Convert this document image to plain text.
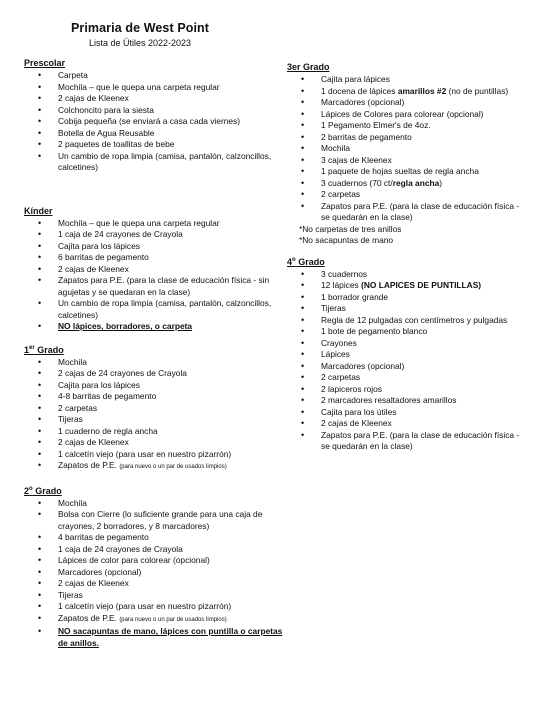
Primaria de West Point
Lista de Útiles 2022-2023
Prescolar
• Carpeta
• Mochila – que le quepa una carpeta regular
• 2 cajas de Kleenex
• Colchoncito para la siesta
• Cobija pequeña (se enviará a casa cada viernes)
• Botella de Agua Reusable
• 2 paquetes de toallitas de bebe
• Un cambio de ropa limpia (camisa, pantalón, calzoncillos, calcetines)
Kínder
• Mochila – que le quepa una carpeta regular
• 1 caja de 24 crayones de Crayola
• Cajita para los lápices
• 6 barritas de pegamento
• 2 cajas de Kleenex
• Zapatos para P.E. (para la clase de educación física - sin agujetas y se quedaran en la clase)
• Un cambio de ropa limpia (camisa, pantalón, calzoncillos, calcetines)
• NO lápices, borradores, o carpeta
1er Grado
• Mochila
• 2 cajas de 24 crayones de Crayola
• Cajita para los lápices
• 4-8 barritas de pegamento
• 2 carpetas
• Tijeras
• 1 cuaderno de regla ancha
• 2 cajas de Kleenex
• 1 calcetín viejo (para usar en nuestro pizarrón)
• Zapatos de P.E. (para nuevo o un par de usados limpios)
2$^o$ Grado
• Mochila
• Bolsa con Cierre (lo suficiente grande para una caja de crayones, 2 borradores, y 8 marcadores)
• 4 barritas de pegamento
• 1 caja de 24 crayones de Crayola
• Lápices de color para colorear (opcional)
• Marcadores (opcional)
• 2 cajas de Kleenex
• Tijeras
• 1 calcetín viejo (para usar en nuestro pizarrón)
• Zapatos de P.E. (para nuevo o un par de usados limpios)
• NO sacapuntas de mano, lápices con puntilla o carpetas de anillos.
3er Grado
• Cajita para lápices
• 1 docena de lápices amarillos #2 (no de puntillas)
• Marcadores (opcional)
• Lápices de Colores para colorear (opcional)
• 1 Pegamento Elmer's de 4oz.
• 2 barritas de pegamento
• Mochila
• 3 cajas de Kleenex
• 1 paquete de hojas sueltas de regla ancha
• 3 cuadernos (70 ct/regla ancha)
• 2 carpetas
• Zapatos para P.E. (para la clase de educación física - se quedarán en la clase)
*No carpetas de tres anillos
*No sacapuntas de mano
4$^o$ Grado
• 3 cuadernos
• 12 lápices (NO LAPICES DE PUNTILLAS)
• 1 borrador grande
• Tijeras
• Regla de 12 pulgadas con centímetros y pulgadas
• 1 bote de pegamento blanco
• Crayones
• Lápices
• Marcadores (opcional)
• 2 carpetas
• 2 lapiceros rojos
• 2 marcadores resaltadores amarillos
• Cajita para los útiles
• 2 cajas de Kleenex
• Zapatos para P.E. (para la clase de educación física - se quedarán en la clase)
